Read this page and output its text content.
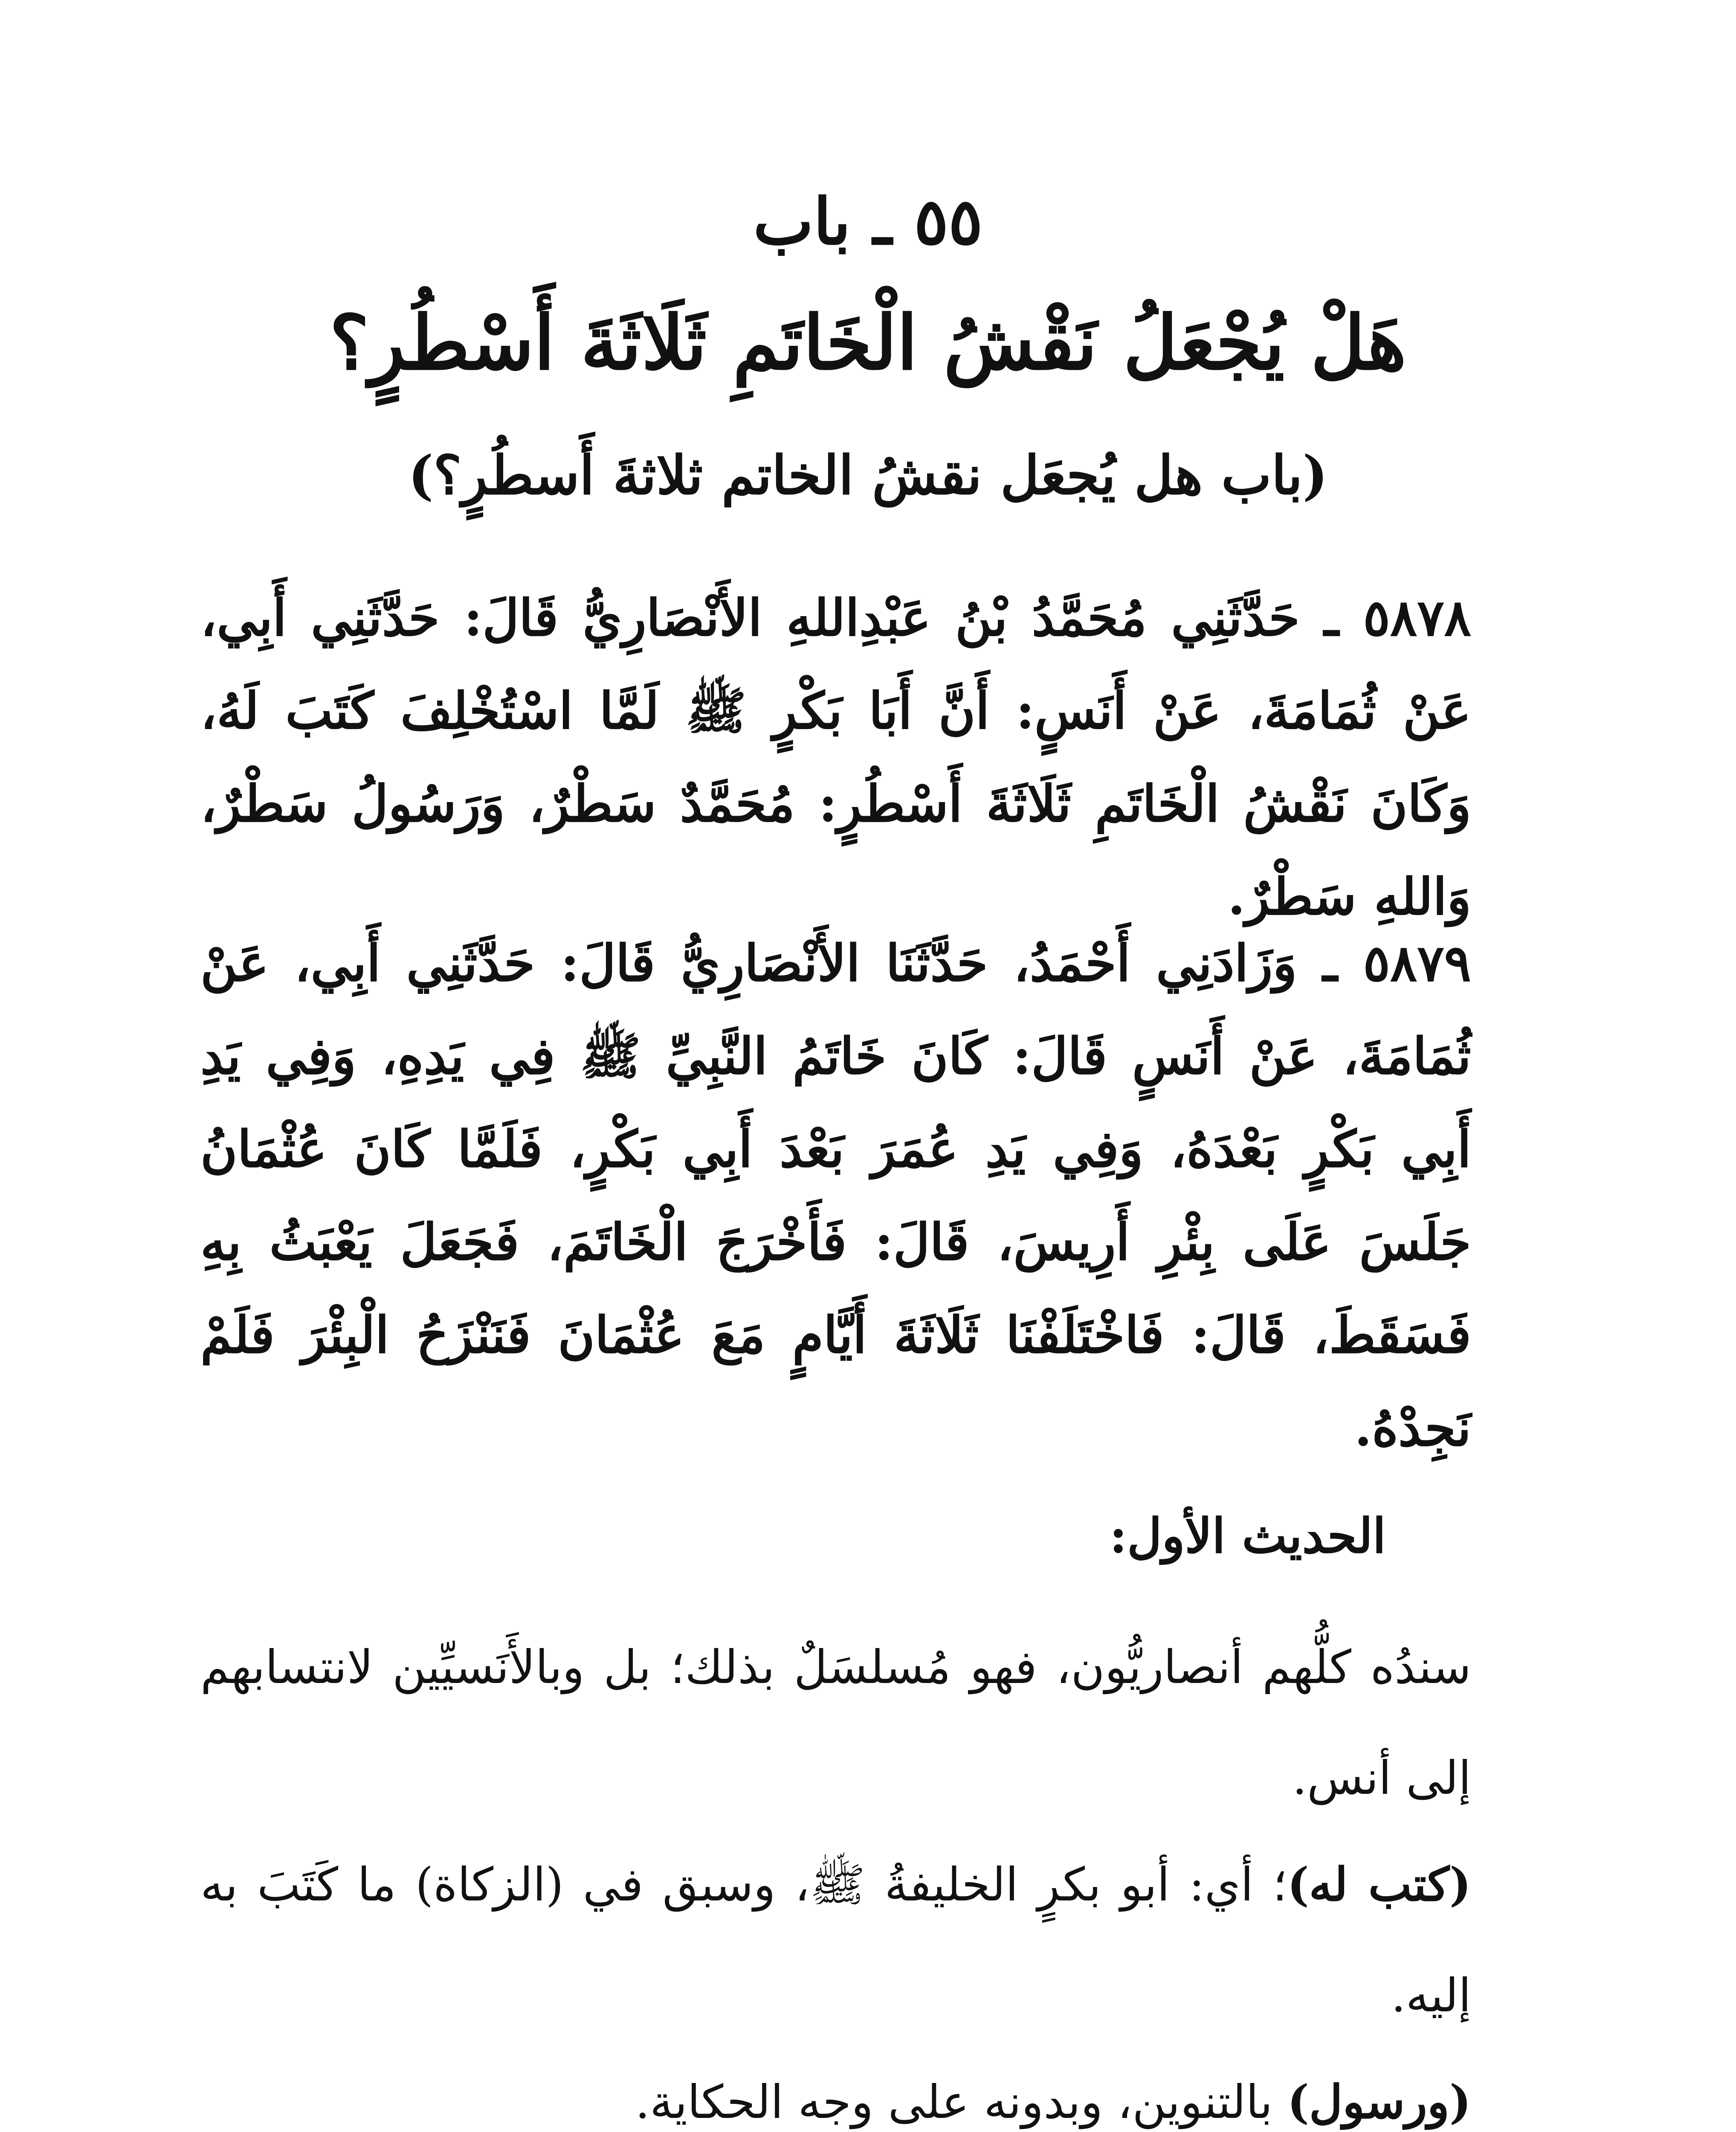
٥٥ ـ باب
هَلْ يُجْعَلُ نَقْشُ الْخَاتَمِ ثَلَاثَةَ أَسْطُرٍ؟
(باب هل يُجعَل نقشُ الخاتم ثلاثةَ أَسطُرٍ؟)

٥٨٧٨ ـ حَدَّثَنِي مُحَمَّدُ بْنُ عَبْدِاللهِ الأَنْصَارِيُّ قَالَ: حَدَّثَنِي أَبِي، عَنْ ثُمَامَةَ، عَنْ أَنَسٍ: أَنَّ أَبَا بَكْرٍ ﷺ لَمَّا اسْتُخْلِفَ كَتَبَ لَهُ، وَكَانَ نَقْشُ الْخَاتَمِ ثَلَاثَةَ أَسْطُرٍ: مُحَمَّدٌ سَطْرٌ، وَرَسُولُ سَطْرٌ، وَاللهِ سَطْرٌ.

٥٨٧٩ ـ وَزَادَنِي أَحْمَدُ، حَدَّثَنَا الأَنْصَارِيُّ قَالَ: حَدَّثَنِي أَبِي، عَنْ ثُمَامَةَ، عَنْ أَنَسٍ قَالَ: كَانَ خَاتَمُ النَّبِيِّ ﷺ فِي يَدِهِ، وَفِي يَدِ أَبِي بَكْرٍ بَعْدَهُ، وَفِي يَدِ عُمَرَ بَعْدَ أَبِي بَكْرٍ، فَلَمَّا كَانَ عُثْمَانُ جَلَسَ عَلَى بِئْرِ أَرِيسَ، قَالَ: فَأَخْرَجَ الْخَاتَمَ، فَجَعَلَ يَعْبَثُ بِهِ فَسَقَطَ، قَالَ: فَاخْتَلَفْنَا ثَلَاثَةَ أَيَّامٍ مَعَ عُثْمَانَ فَنَنْزَحُ الْبِئْرَ فَلَمْ نَجِدْهُ.

الحديث الأول:

سندُه كلُّهم أنصاريُّون، فهو مُسلسَلٌ بذلك؛ بل وبالأَنَسيِّين لانتسابهم إلى أنس.

(كتب له)؛ أي: أبو بكرٍ الخليفةُ ﷺ، وسبق في (الزكاة) ما كَتَبَ به إليه.

(ورسول) بالتنوين، وبدونه على وجه الحكاية.
